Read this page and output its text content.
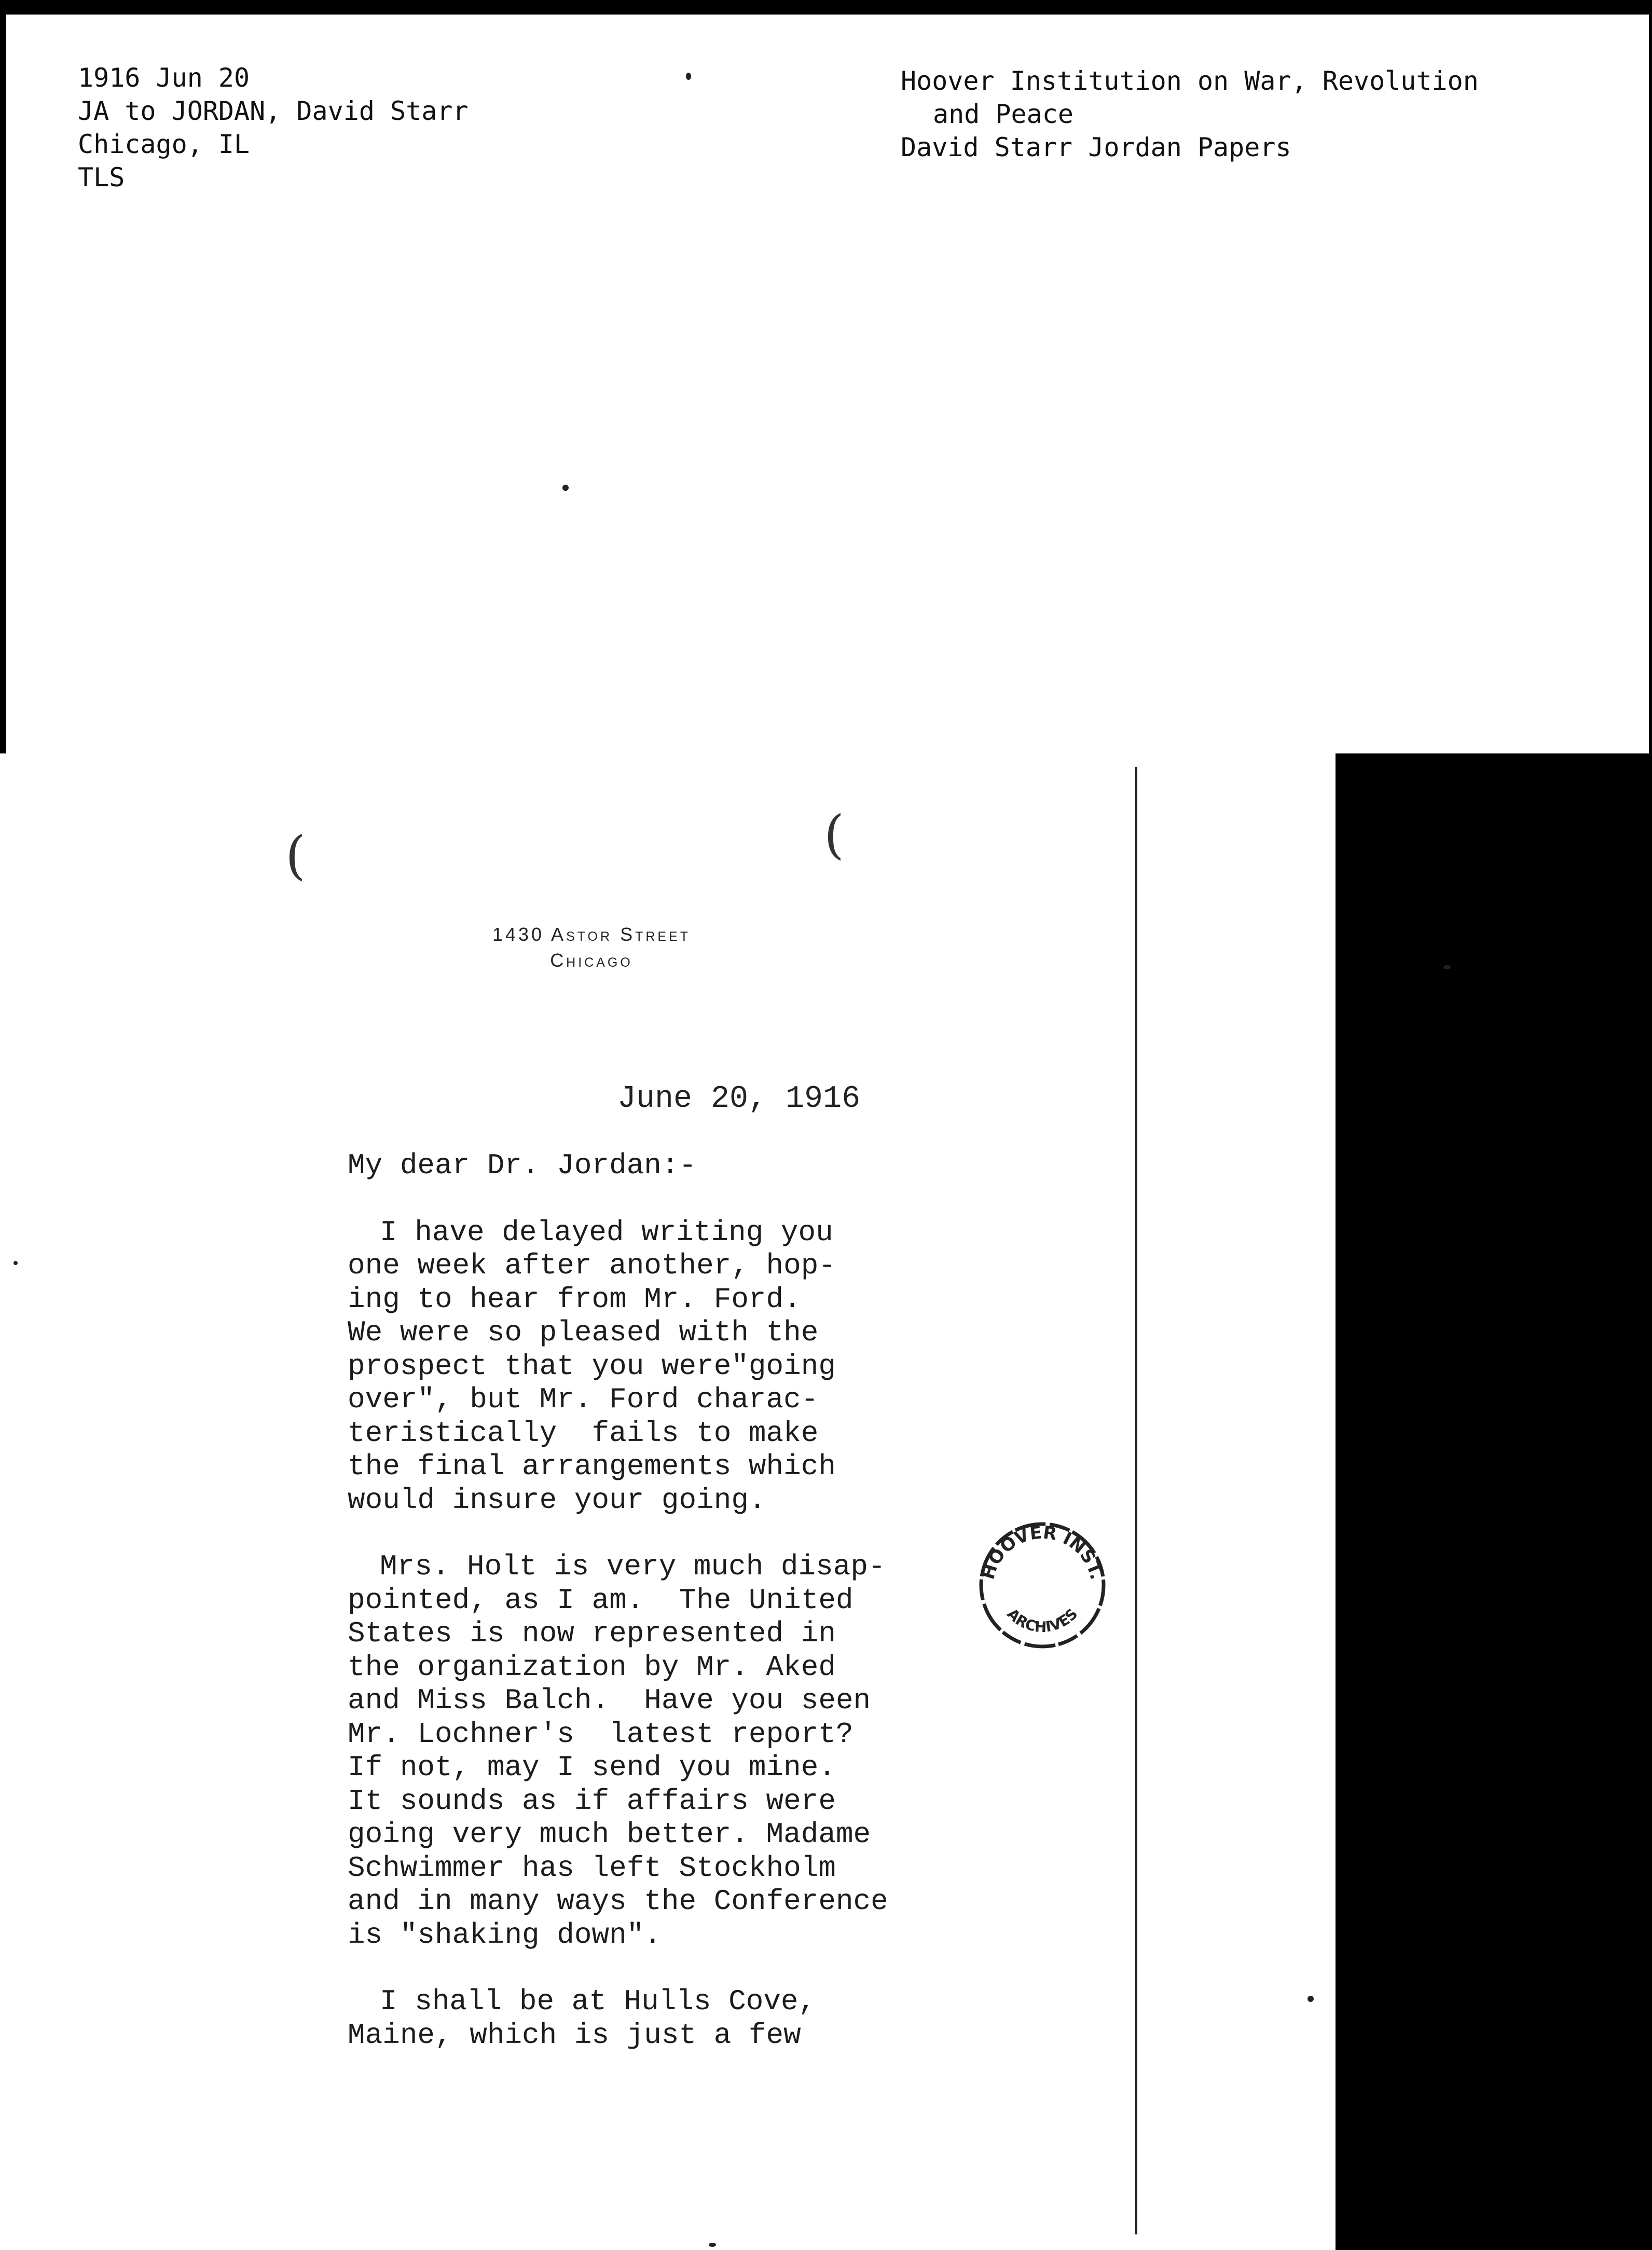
1916 Jun 20
JA to JORDAN, David Starr
Chicago, IL
TLS
Hoover Institution on War, Revolution
and Peace
David Starr Jordan Papers
(	(
1430 Astor Street
Chicago
June 20, 1916

My dear Dr. Jordan:-

I have delayed writing you
one week after another, hop-
ing to hear from Mr. Ford.
We were so pleased with the
prospect that you were"going
over", but Mr. Ford charac-
teristically  fails to make
the final arrangements which
would insure your going.

Mrs. Holt is very much disap-
pointed, as I am.  The United
States is now represented in
the organization by Mr. Aked
and Miss Balch.  Have you seen
Mr. Lochner's  latest report?
If not, may I send you mine.
It sounds as if affairs were
going very much better. Madame
Schwimmer has left Stockholm
and in many ways the Conference
is "shaking down".

I shall be at Hulls Cove,
Maine, which is just a few

HOOVER INST.
ARCHIVES
